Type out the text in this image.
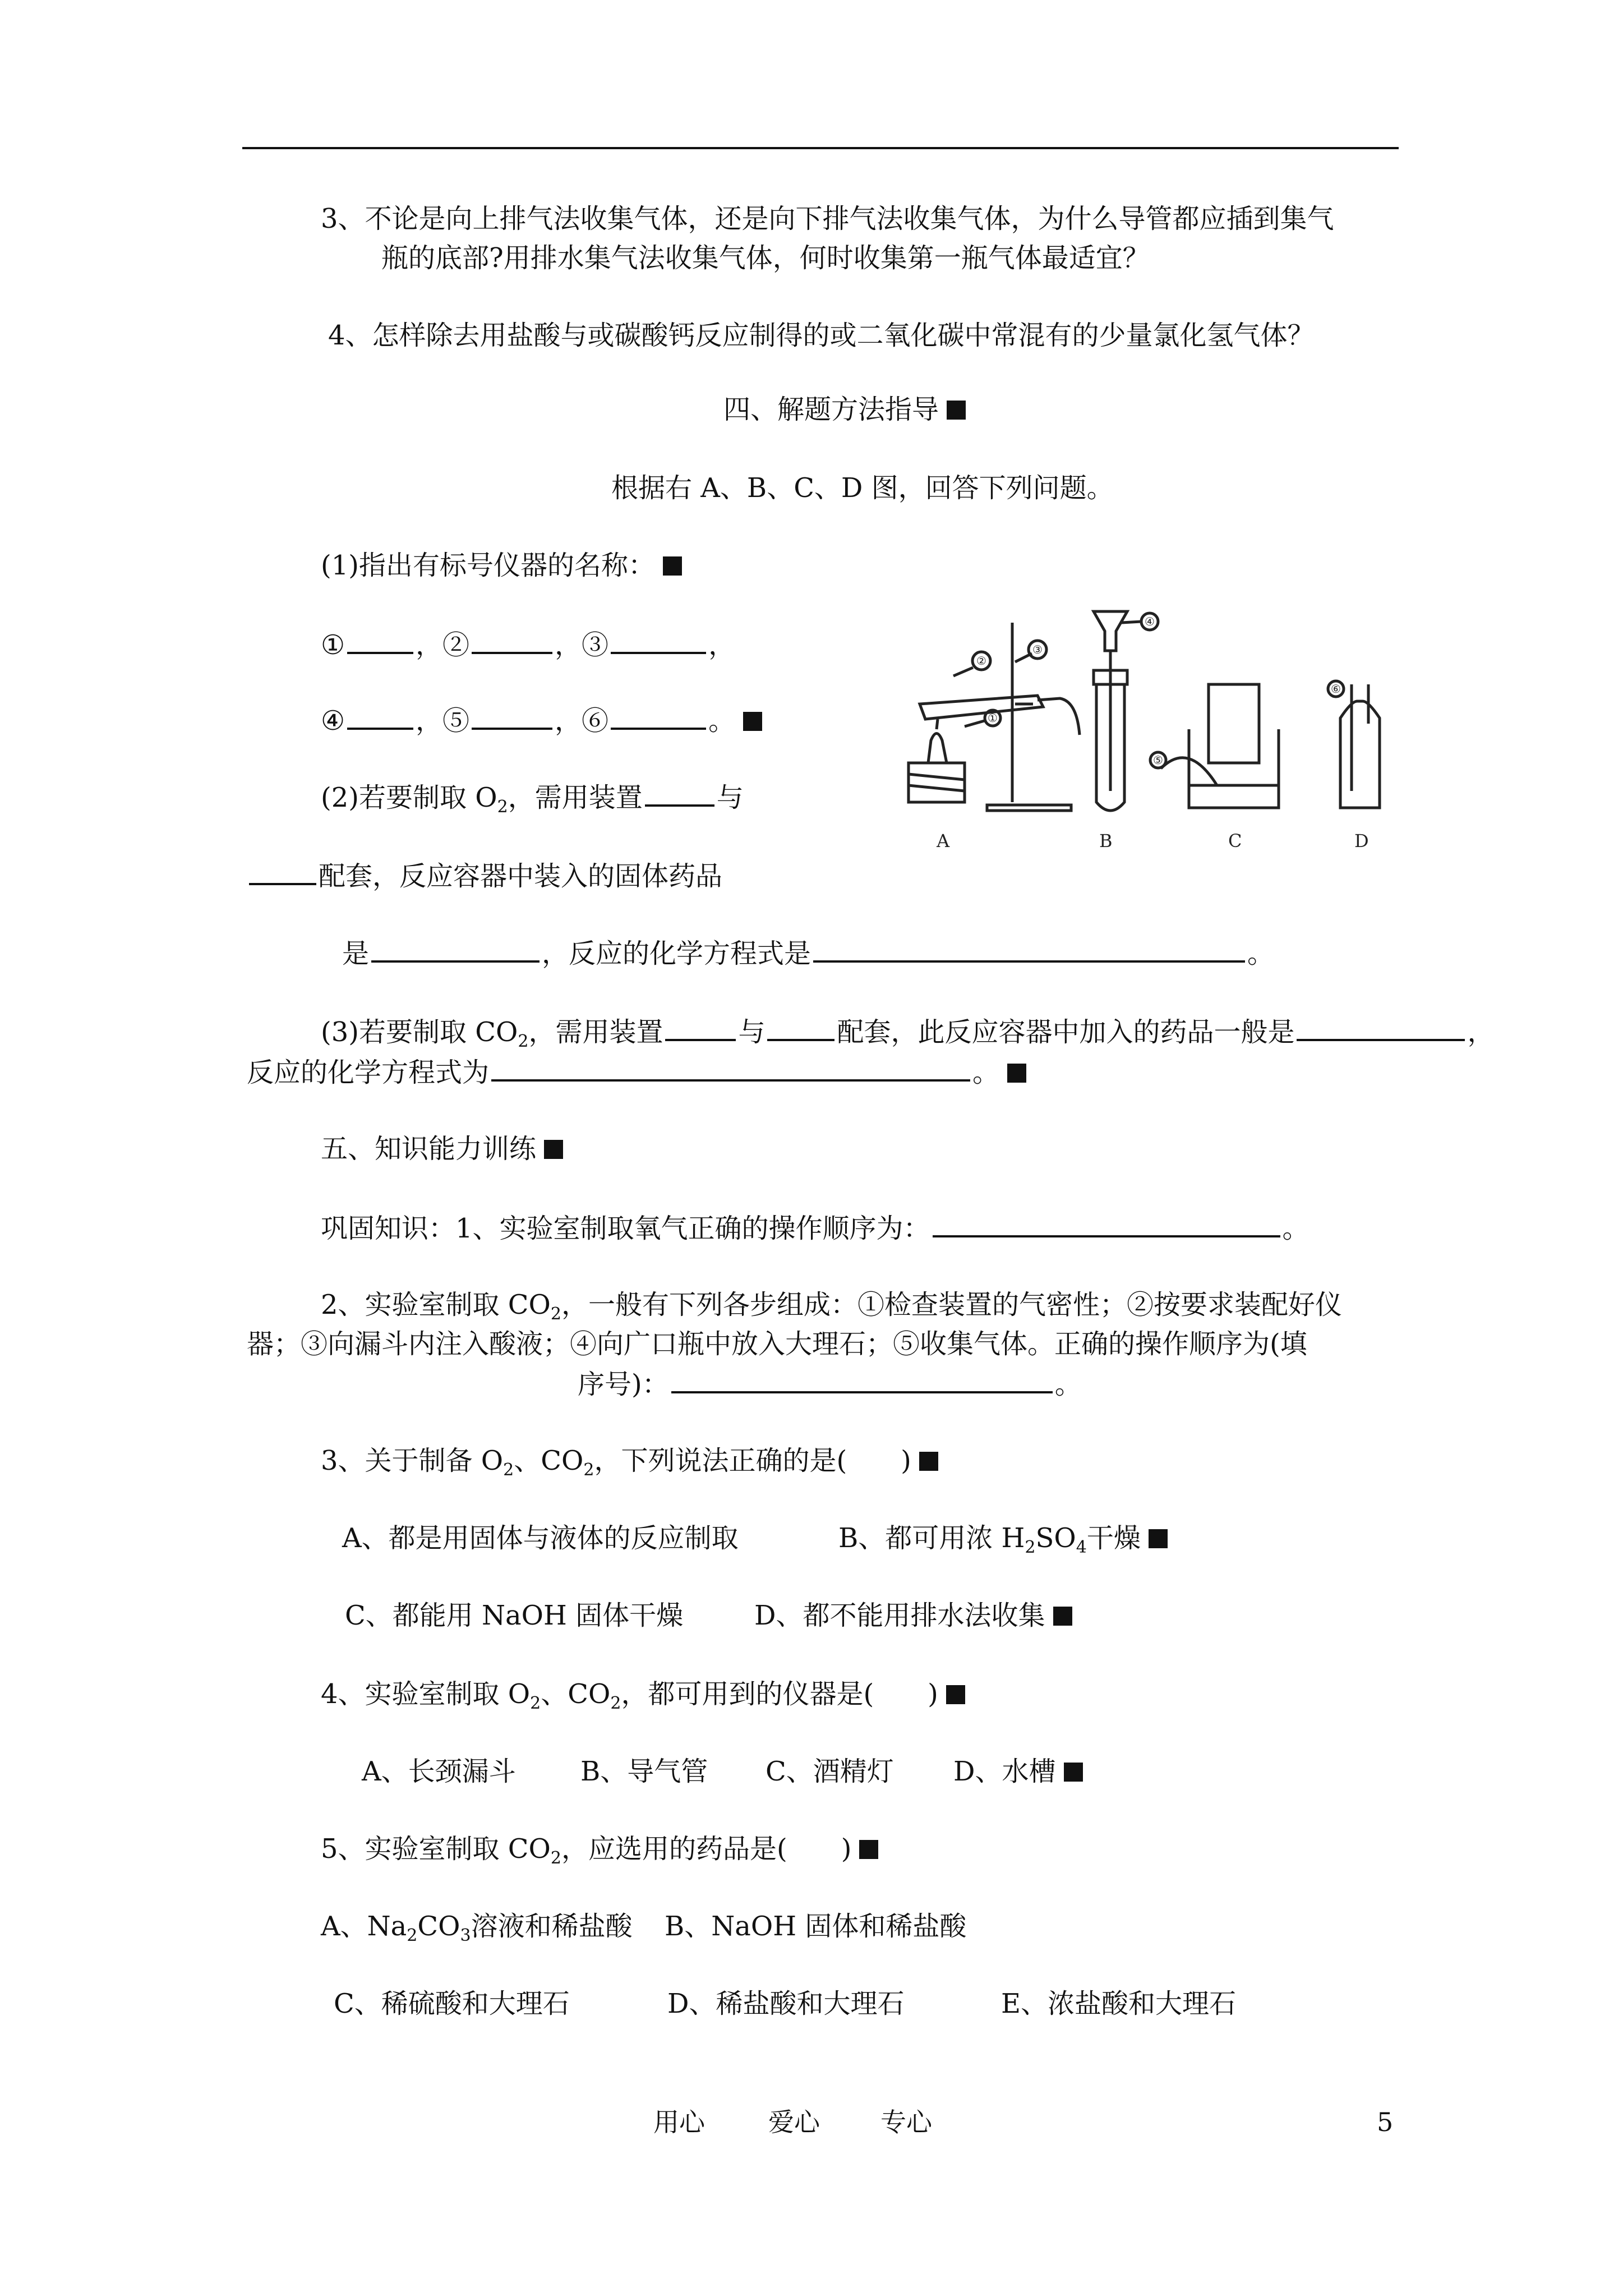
3、不论是向上排气法收集气体，还是向下排气法收集气体，为什么导管都应插到集气
瓶的底部?用排水集气法收集气体，何时收集第一瓶气体最适宜？
4、怎样除去用盐酸与或碳酸钙反应制得的或二氧化碳中常混有的少量氯化氢气体？
四、解题方法指导
根据右 A、B、C、D 图，回答下列问题。
(1)指出有标号仪器的名称：
①	，②	，③	，
④	，⑤	，⑥	。
(2)若要制取 $O_2$，需用装置	与
配套，反应容器中装入的固体药品
是	，反应的化学方程式是	。
(3)若要制取 $CO_2$，需用装置	与	配套，此反应容器中加入的药品一般是	，
反应的化学方程式为	。
五、知识能力训练
巩固知识：1、实验室制取氧气正确的操作顺序为：	。
2、实验室制取 $CO_2$，一般有下列各步组成：①检查装置的气密性；②按要求装配好仪
器；③向漏斗内注入酸液；④向广口瓶中放入大理石；⑤收集气体。正确的操作顺序为(填
序号)：	。
3、关于制备 $O_2$、$CO_2$，下列说法正确的是(　　)
A、都是用固体与液体的反应制取	B、都可用浓 $H_2SO_4$干燥
C、都能用 NaOH 固体干燥	D、都不能用排水法收集
4、实验室制取 $O_2$、$CO_2$，都可用到的仪器是(　　)
A、长颈漏斗 B、导气管 C、酒精灯 D、水槽
5、实验室制取 $CO_2$，应选用的药品是(　　)
A、$Na_2CO_3$溶液和稀盐酸 B、NaOH 固体和稀盐酸
C、稀硫酸和大理石	D、稀盐酸和大理石	E、浓盐酸和大理石
A	B	C	D
②
③
④
⑤
⑥
①
用心 爱心 专心	5
